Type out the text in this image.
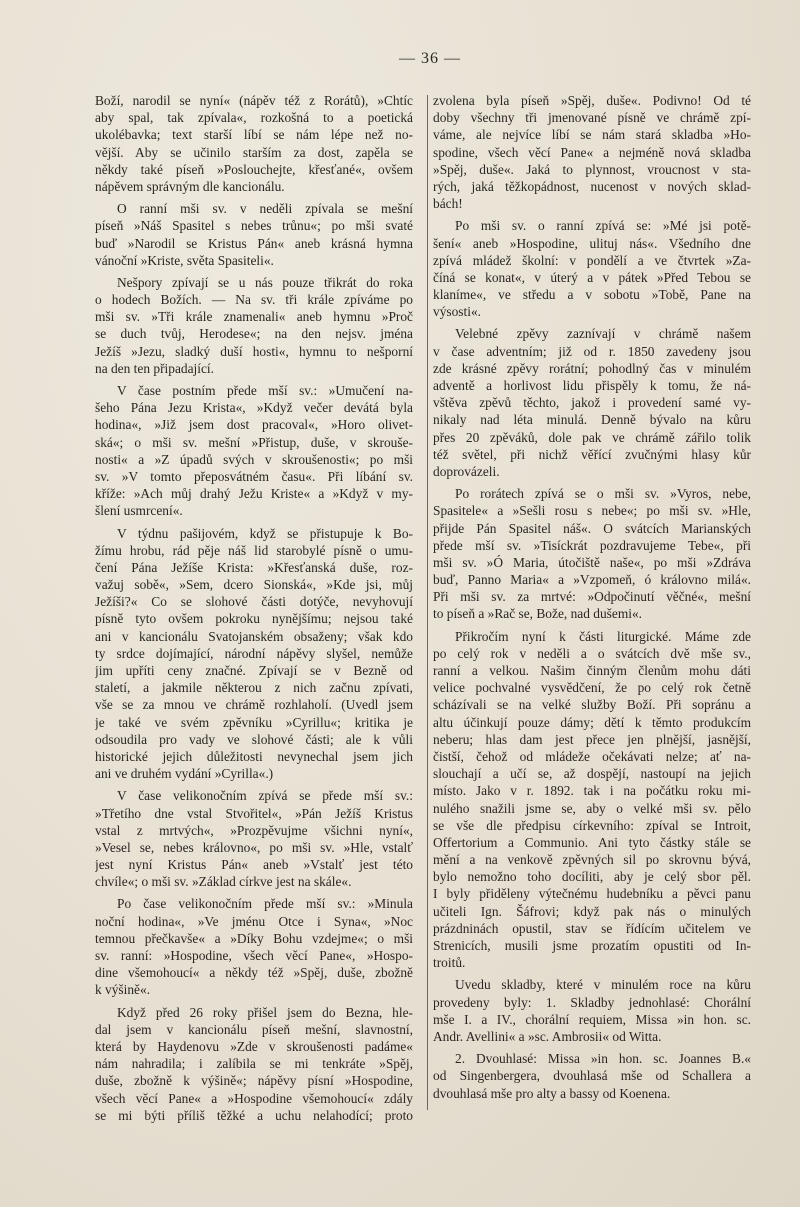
— 36 —
Boží, narodil se nyní« (nápěv též z Rorátů), »Chtíc
aby spal, tak zpívala«, rozkošná to a poetická
ukolébavka; text starší líbí se nám lépe než no-
vější. Aby se učinilo starším za dost, zapěla se
někdy také píseň »Poslouchejte, křesťané«, ovšem
nápěvem správným dle kancionálu.
O ranní mši sv. v neděli zpívala se mešní
píseň »Náš Spasitel s nebes trůnu«; po mši svaté
buď »Narodil se Kristus Pán« aneb krásná hymna
vánoční »Kriste, světa Spasiteli«.
Nešpory zpívají se u nás pouze třikrát do roka
o hodech Božích. — Na sv. tři krále zpíváme po
mši sv. »Tři krále znamenali« aneb hymnu »Proč
se duch tvůj, Herodese«; na den nejsv. jména
Ježíš »Jezu, sladký duší hosti«, hymnu to nešporní
na den ten připadající.
V čase postním přede mší sv.: »Umučení na-
šeho Pána Jezu Krista«, »Když večer devátá byla
hodina«, »Již jsem dost pracoval«, »Horo olivet-
ská«; o mši sv. mešní »Přistup, duše, v skrouše-
nosti« a »Z úpadů svých v skroušenosti«; po mši
sv. »V tomto přeposvátném času«. Při líbání sv.
kříže: »Ach můj drahý Ježu Kriste« a »Když v my-
šlení usmrcení«.
V týdnu pašijovém, když se přistupuje k Bo-
žímu hrobu, rád pěje náš lid starobylé písně o umu-
čení Pána Ježíše Krista: »Křesťanská duše, roz-
važuj sobě«, »Sem, dcero Sionská«, »Kde jsi, můj
Ježíši?« Co se slohové části dotýče, nevyhovují
písně tyto ovšem pokroku nynějšímu; nejsou také
ani v kancionálu Svatojanském obsaženy; však kdo
ty srdce dojímající, národní nápěvy slyšel, nemůže
jim upříti ceny značné. Zpívají se v Bezně od
staletí, a jakmile některou z nich začnu zpívati,
vše se za mnou ve chrámě rozhlaholí. (Uvedl jsem
je také ve svém zpěvníku »Cyrillu«; kritika je
odsoudila pro vady ve slohové části; ale k vůli
historické jejich důležitosti nevynechal jsem jich
ani ve druhém vydání »Cyrilla«.)
V čase velikonočním zpívá se přede mší sv.:
»Třetího dne vstal Stvořitel«, »Pán Ježíš Kristus
vstal z mrtvých«, »Prozpěvujme všichni nyní«,
»Vesel se, nebes královno«, po mši sv. »Hle, vstalť
jest nyní Kristus Pán« aneb »Vstalť jest této
chvíle«; o mši sv. »Základ církve jest na skále«.
Po čase velikonočním přede mší sv.: »Minula
noční hodina«, »Ve jménu Otce i Syna«, »Noc
temnou přečkavše« a »Díky Bohu vzdejme«; o mši
sv. ranní: »Hospodine, všech věcí Pane«, »Hospo-
dine všemohoucí« a někdy též »Spěj, duše, zbožně
k výšině«.
Když před 26 roky přišel jsem do Bezna, hle-
dal jsem v kancionálu píseň mešní, slavnostní,
která by Haydenovu »Zde v skroušenosti padáme«
nám nahradila; i zalíbila se mi tenkráte »Spěj,
duše, zbožně k výšině«; nápěvy písní »Hospodine,
všech věcí Pane« a »Hospodine všemohoucí« zdály
se mi býti příliš těžké a uchu nelahodící; proto
zvolena byla píseň »Spěj, duše«. Podivno! Od té
doby všechny tři jmenované písně ve chrámě zpí-
váme, ale nejvíce líbí se nám stará skladba »Ho-
spodine, všech věcí Pane« a nejméně nová skladba
»Spěj, duše«. Jaká to plynnost, vroucnost v sta-
rých, jaká těžkopádnost, nucenost v nových sklad-
bách!
Po mši sv. o ranní zpívá se: »Mé jsi potě-
šení« aneb »Hospodine, ulituj nás«. Všedního dne
zpívá mládež školní: v pondělí a ve čtvrtek »Za-
číná se konat«, v úterý a v pátek »Před Tebou se
klaníme«, ve středu a v sobotu »Tobě, Pane na
výsosti«.
Velebné zpěvy zaznívají v chrámě našem
v čase adventním; již od r. 1850 zavedeny jsou
zde krásné zpěvy rorátní; pohodlný čas v minulém
adventě a horlivost lidu přispěly k tomu, že ná-
vštěva zpěvů těchto, jakož i provedení samé vy-
nikaly nad léta minulá. Denně bývalo na kůru
přes 20 zpěváků, dole pak ve chrámě zářilo tolik
též světel, při nichž věřící zvučnými hlasy kůr
doprovázeli.
Po rorátech zpívá se o mši sv. »Vyros, nebe,
Spasitele« a »Sešli rosu s nebe«; po mši sv. »Hle,
přijde Pán Spasitel náš«. O svátcích Marianských
přede mší sv. »Tisíckrát pozdravujeme Tebe«, při
mši sv. »Ó Maria, útočiště naše«, po mši »Zdráva
buď, Panno Maria« a »Vzpomeň, ó královno milá«.
Při mši sv. za mrtvé: »Odpočinutí věčné«, mešní
to píseň a »Rač se, Bože, nad dušemi«.
Přikročím nyní k části liturgické. Máme zde
po celý rok v neděli a o svátcích dvě mše sv.,
ranní a velkou. Našim činným členům mohu dáti
velice pochvalné vysvědčení, že po celý rok četně
scházívali se na velké služby Boží. Při sopránu a
altu účinkují pouze dámy; dětí k těmto produkcím
neberu; hlas dam jest přece jen plnější, jasnější,
čistší, čehož od mládeže očekávati nelze; ať na-
slouchají a učí se, až dospějí, nastoupí na jejich
místo. Jako v r. 1892. tak i na počátku roku mi-
nulého snažili jsme se, aby o velké mši sv. pělo
se vše dle předpisu církevního: zpíval se Introit,
Offertorium a Communio. Ani tyto částky stále se
mění a na venkově zpěvných sil po skrovnu bývá,
bylo nemožno toho docíliti, aby je celý sbor pěl.
I byly přiděleny výtečnému hudebníku a pěvci panu
učiteli Ign. Šáfrovi; když pak nás o minulých
prázdninách opustil, stav se řídícím učitelem ve
Strenicích, musili jsme prozatím opustiti od In-
troitů.
Uvedu skladby, které v minulém roce na kůru
provedeny byly: 1. Skladby jednohlasé: Chorální
mše I. a IV., chorální requiem, Missa »in hon. sc.
Andr. Avellini« a »sc. Ambrosii« od Witta.
2. Dvouhlasé: Missa »in hon. sc. Joannes B.«
od Singenbergera, dvouhlasá mše od Schallera a
dvouhlasá mše pro alty a bassy od Koenena.
